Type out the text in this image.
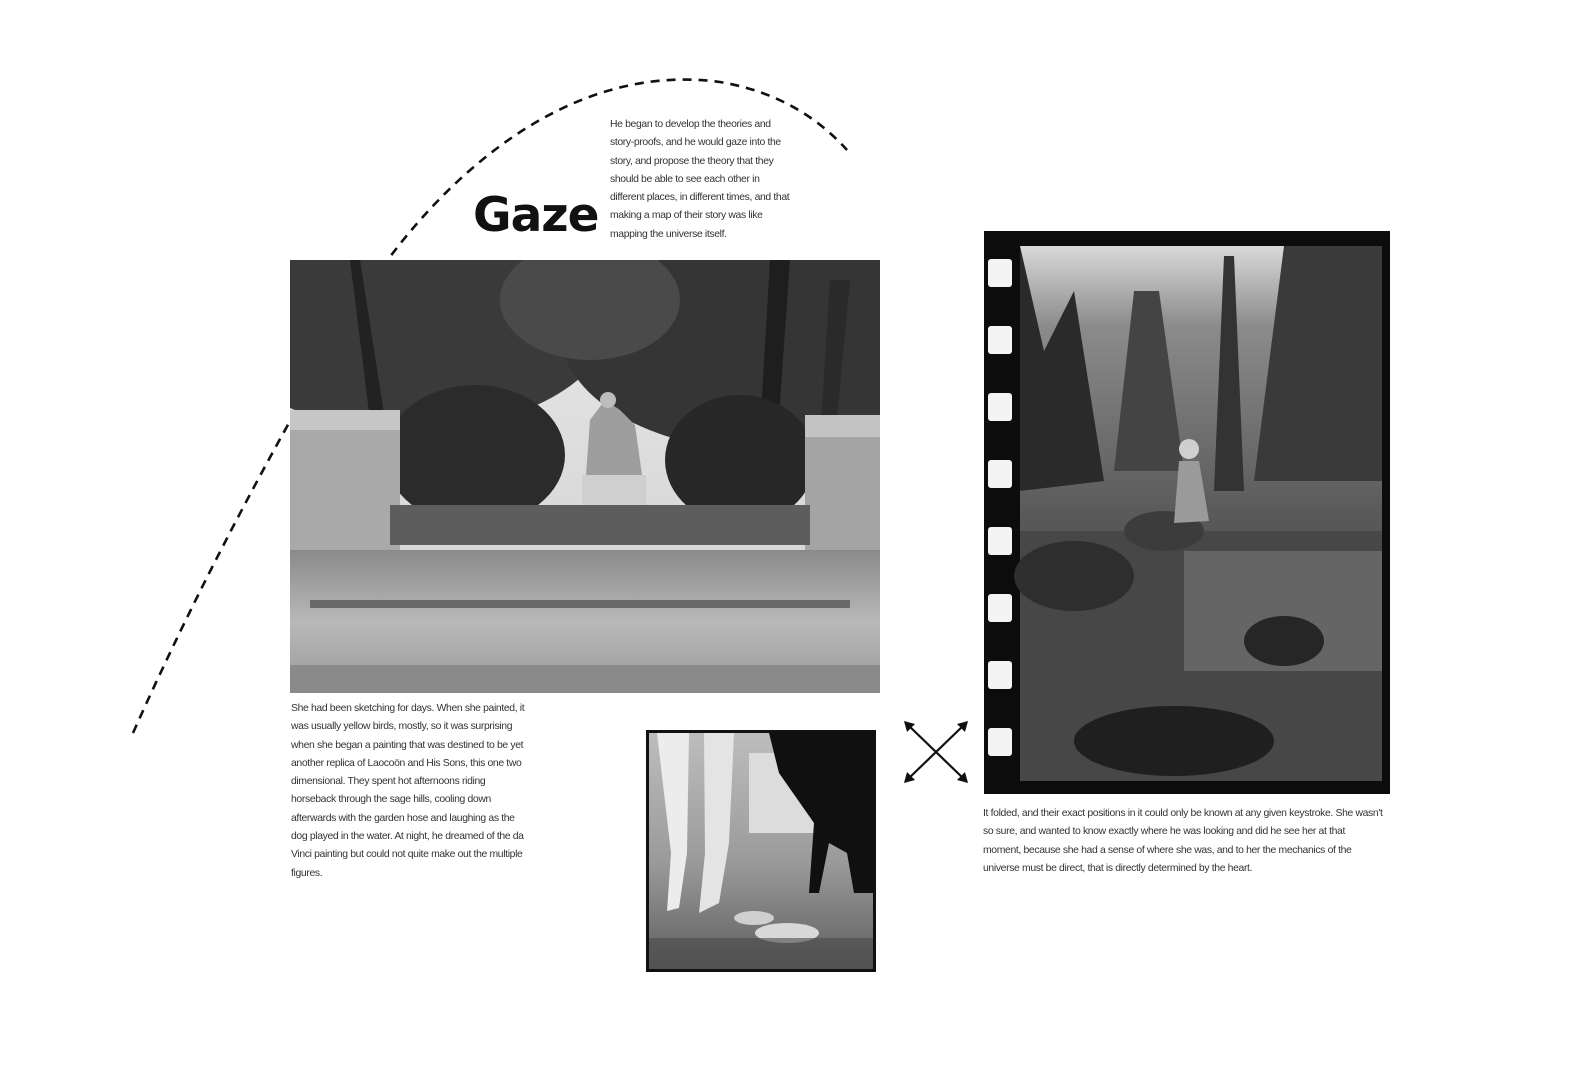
Gaze
He began to develop the theories and story-proofs, and he would gaze into the story, and propose the theory that they should be able to see each other in different places, in different times, and that making a map of their story was like mapping the universe itself.
She had been sketching for days. When she painted, it was usually yellow birds, mostly, so it was surprising when she began a painting that was destined to be yet another replica of Laocoön and His Sons, this one two dimensional. They spent hot afternoons riding horseback through the sage hills, cooling down afterwards with the garden hose and laughing as the dog played in the water. At night, he dreamed of the da Vinci painting but could not quite make out the multiple figures.
It folded, and their exact positions in it could only be known at any given keystroke. She wasn't so sure, and wanted to know exactly where he was looking and did he see her at that moment, because she had a sense of where she was, and to her the mechanics of the universe must be direct, that is directly determined by the heart.
